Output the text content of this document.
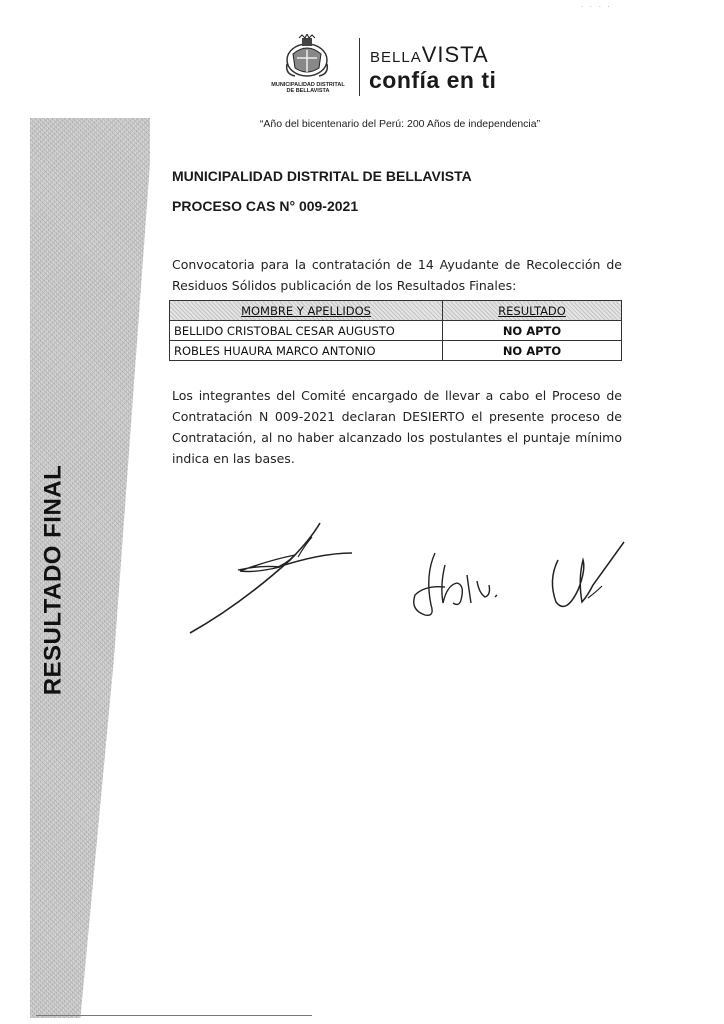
RESULTADO FINAL
· · · ·
MUNICIPALIDAD DISTRITAL
DE BELLAVISTA
BELLAVISTA
confía en ti
“Año del bicentenario del Perú: 200 Años de independencia”
MUNICIPALIDAD DISTRITAL DE BELLAVISTA
PROCESO CAS N° 009-2021
Convocatoria para la contratación de 14 Ayudante de Recolección de Residuos Sólidos publicación de los Resultados Finales:
MOMBRE Y APELLIDOS	RESULTADO
BELLIDO CRISTOBAL CESAR AUGUSTO	NO APTO
ROBLES HUAURA MARCO ANTONIO	NO APTO
Los integrantes del Comité encargado de llevar a cabo el Proceso de Contratación N 009-2021 declaran DESIERTO el presente proceso de Contratación, al no haber alcanzado los postulantes el puntaje mínimo indica en las bases.
